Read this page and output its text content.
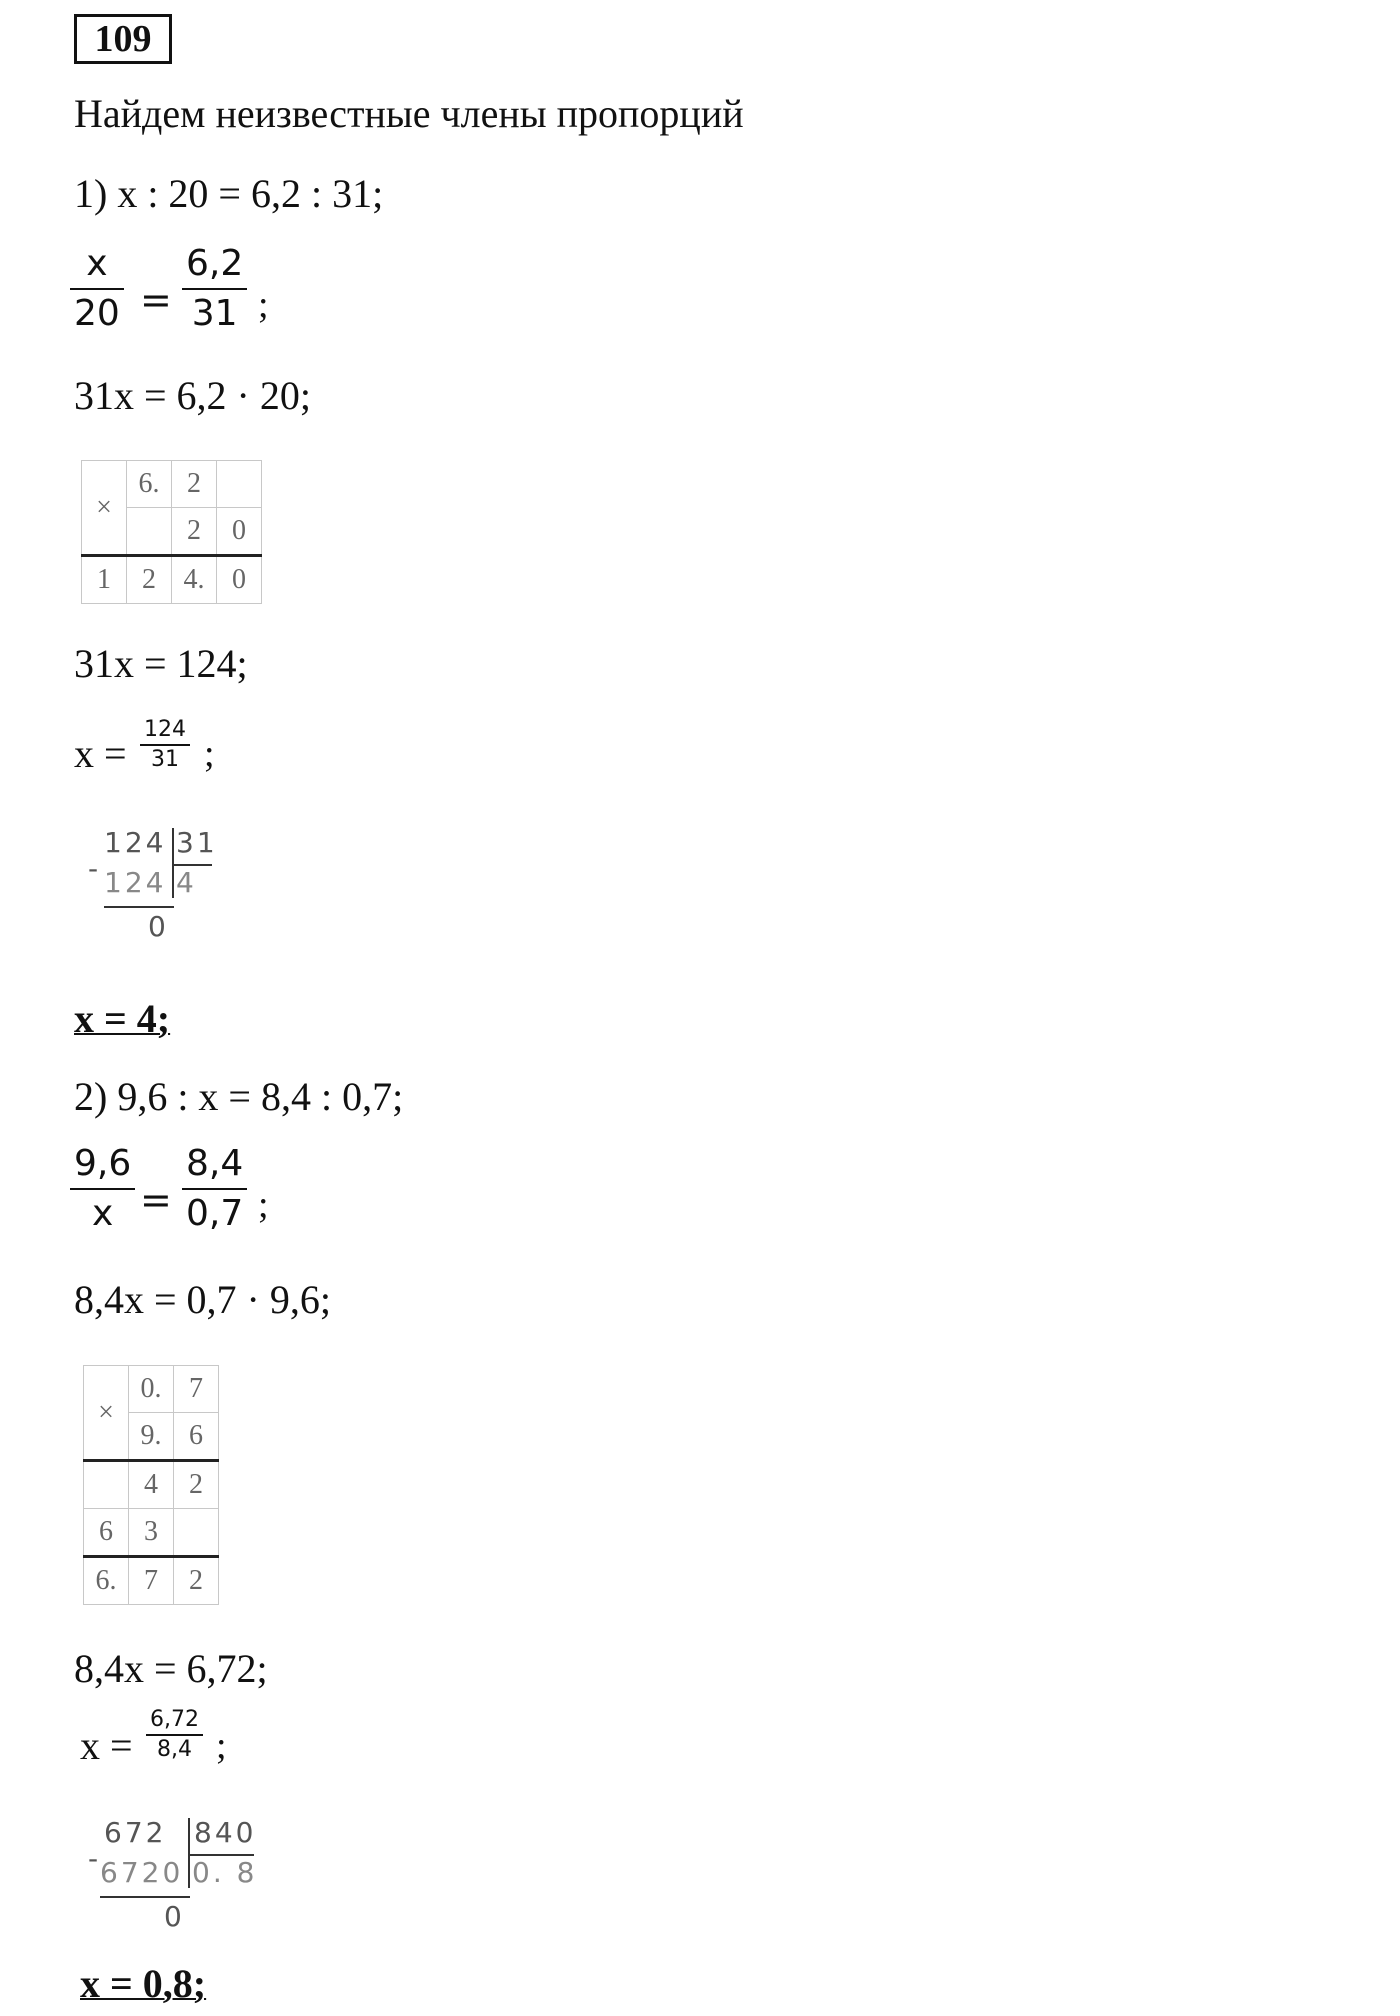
109
Найдем неизвестные члены пропорций
1) x : 20 = 6,2 : 31;
x
20 =
6,2
31 ;
31x = 6,2 · 20;
×	6.	2	
		2	0
1	2	4.	0
31x = 124;
x =
124
31 ;
-
124
124
31
4
0
x = 4;
2) 9,6 : x = 8,4 : 0,7;
9,6
x =
8,4
0,7 ;
8,4x = 0,7 · 9,6;
×	0.	7
	9.	6
	4	2
6	3	
6.	7	2
8,4x = 6,72;
x =
6,72
8,4 ;
-
672
6720
840
0. 8
0
x = 0,8;
